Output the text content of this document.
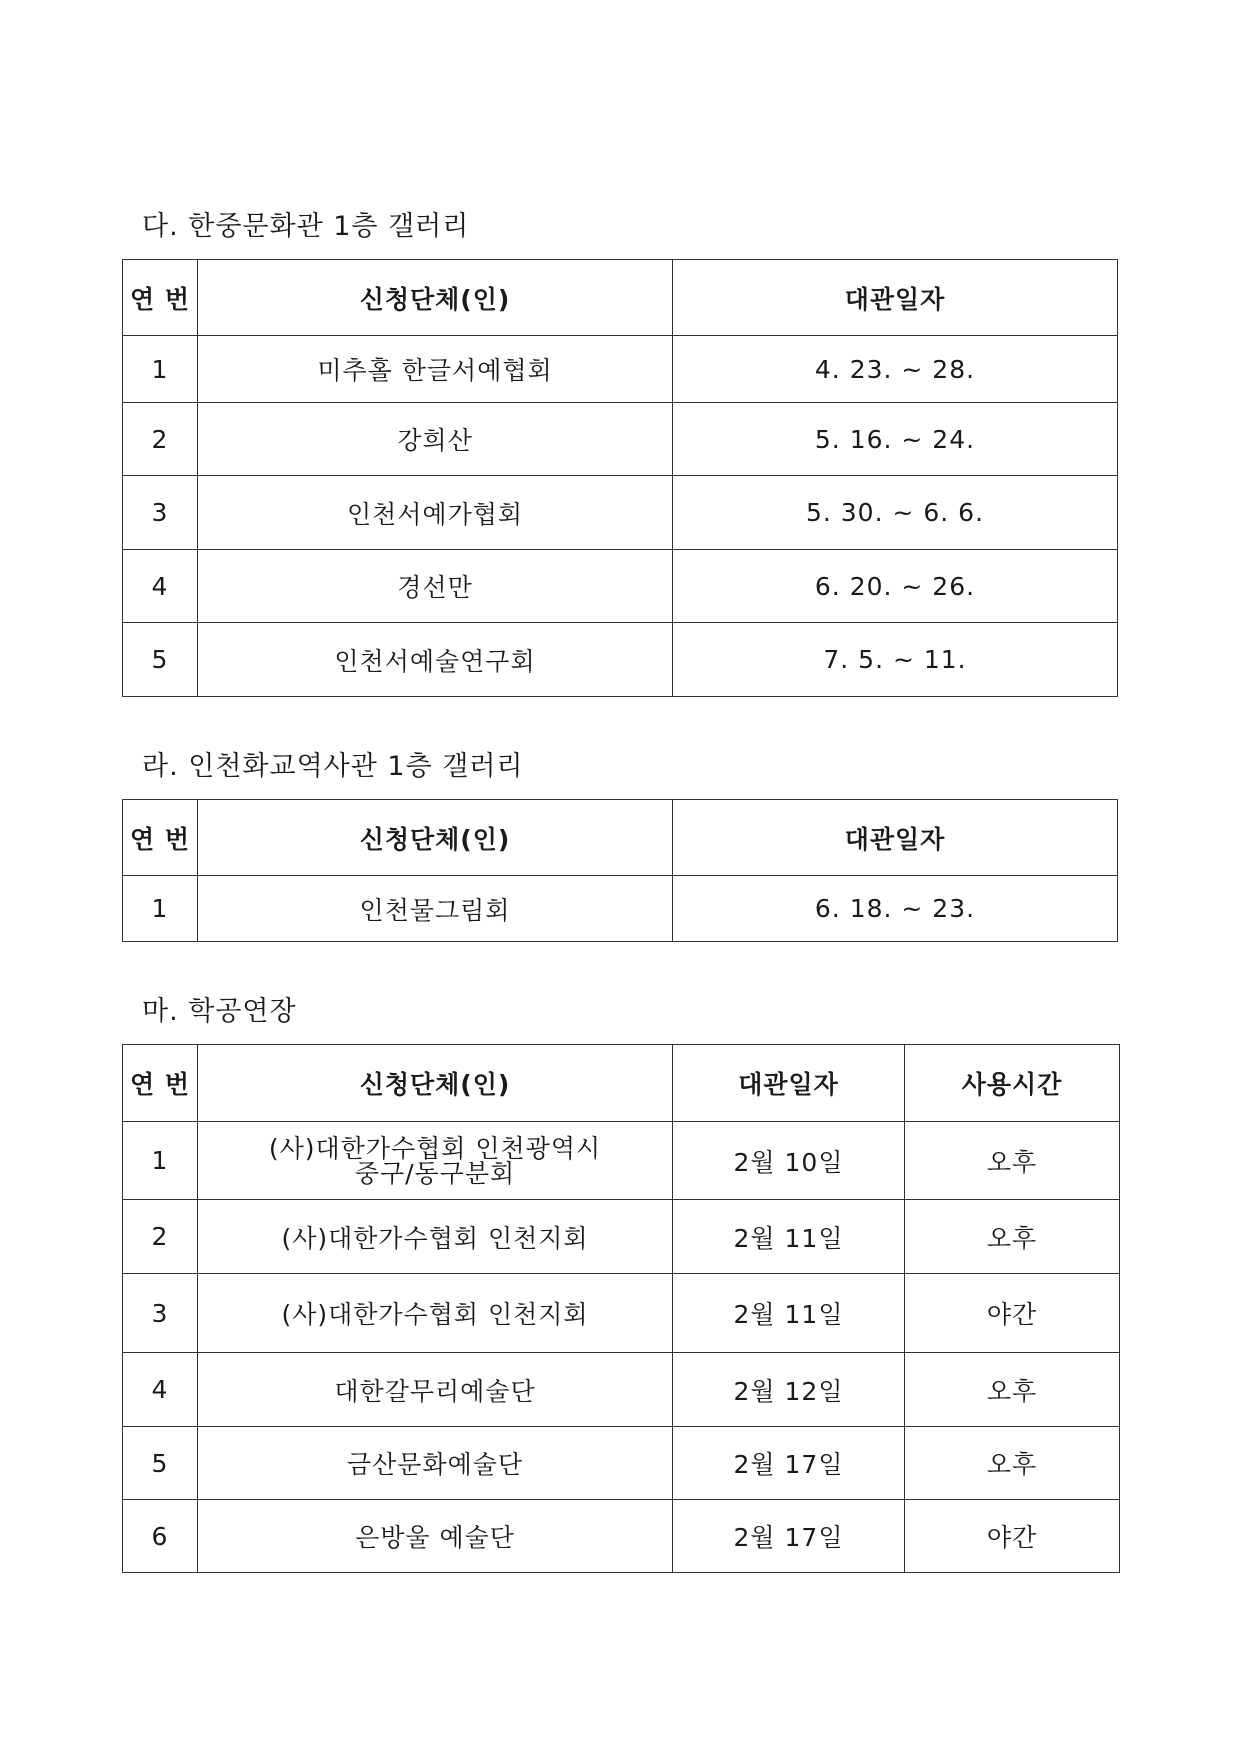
다. 한중문화관 1층 갤러리
연 번	신청단체(인)	대관일자
1	미추홀 한글서예협회	4. 23. ~ 28.
2	강희산	5. 16. ~ 24.
3	인천서예가협회	5. 30. ~ 6. 6.
4	경선만	6. 20. ~ 26.
5	인천서예술연구회	7. 5. ~ 11.
라. 인천화교역사관 1층 갤러리
연 번	신청단체(인)	대관일자
1	인천물그림회	6. 18. ~ 23.
마. 학공연장
연 번	신청단체(인)	대관일자	사용시간
1	(사)대한가수협회 인천광역시 중구/동구분회	2월 10일	오후
2	(사)대한가수협회 인천지회	2월 11일	오후
3	(사)대한가수협회 인천지회	2월 11일	야간
4	대한갈무리예술단	2월 12일	오후
5	금산문화예술단	2월 17일	오후
6	은방울 예술단	2월 17일	야간
